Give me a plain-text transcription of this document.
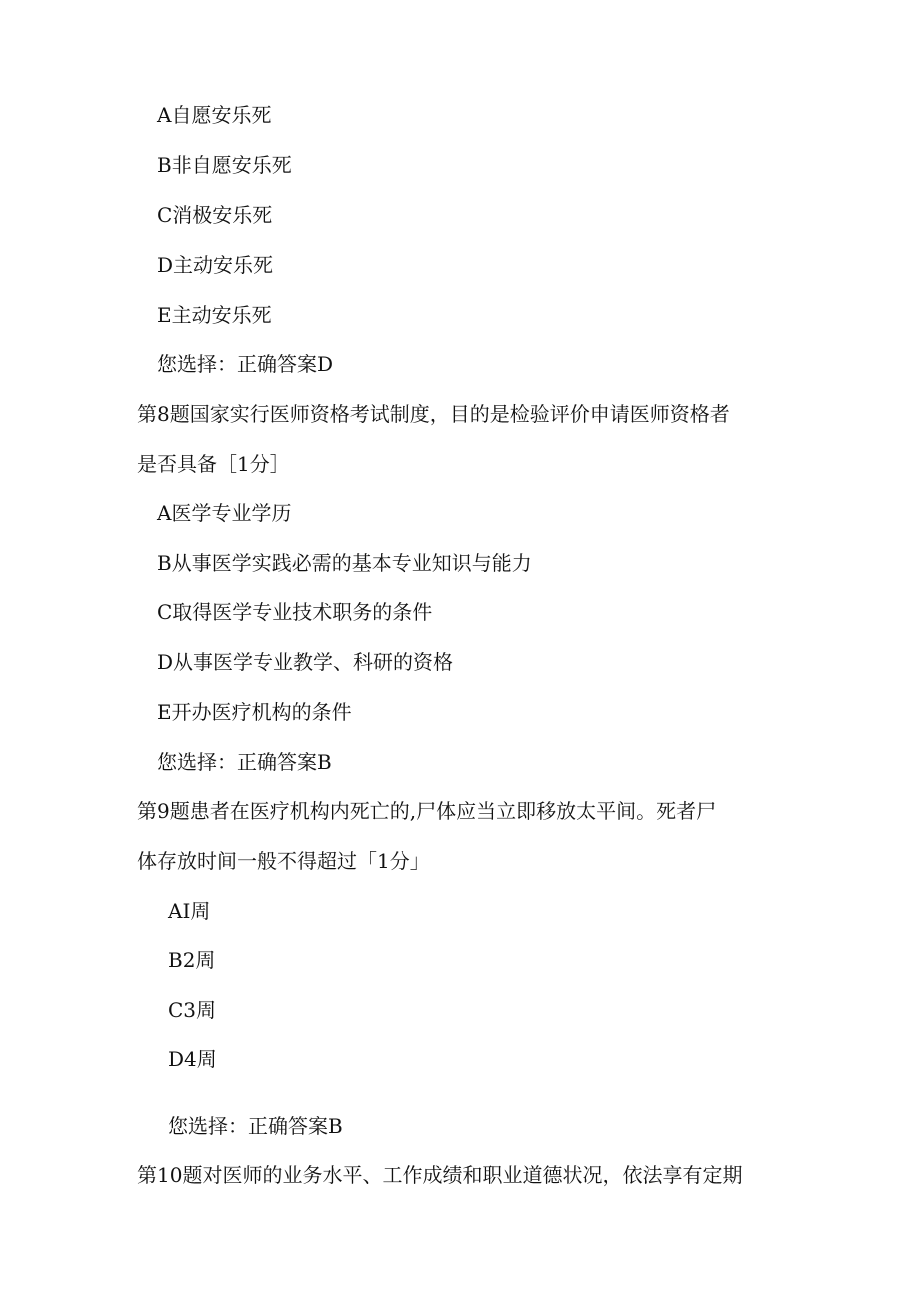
A自愿安乐死
B非自愿安乐死
C消极安乐死
D主动安乐死
E主动安乐死
您选择：正确答案D
第8题国家实行医师资格考试制度，目的是检验评价申请医师资格者
是否具备［1分］
A医学专业学历
B从事医学实践必需的基本专业知识与能力
C取得医学专业技术职务的条件
D从事医学专业教学、科研的资格
E开办医疗机构的条件
您选择：正确答案B
第9题患者在医疗机构内死亡的,尸体应当立即移放太平间。死者尸
体存放时间一般不得超过「1分」
AI周
B2周
C3周
D4周
您选择：正确答案B
第10题对医师的业务水平、工作成绩和职业道德状况，依法享有定期
